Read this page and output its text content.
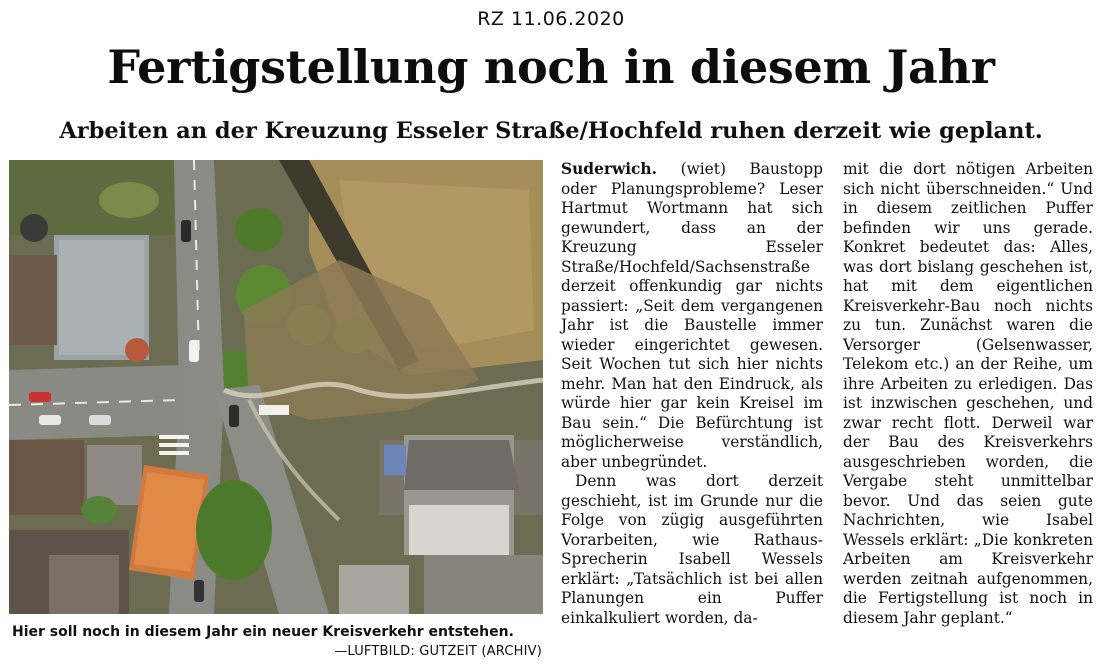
RZ 11.06.2020
Fertigstellung noch in diesem Jahr
Arbeiten an der Kreuzung Esseler Straße/Hochfeld ruhen derzeit wie geplant.
Hier soll noch in diesem Jahr ein neuer Kreisverkehr entstehen.
—LUFTBILD: GUTZEIT (ARCHIV)

Suderwich. (wiet) Baustopp oder Planungsprobleme? Leser Hartmut Wortmann hat sich gewundert, dass an der Kreuzung Esseler Straße/Hochfeld/Sachsenstraße derzeit offenkundig gar nichts passiert: „Seit dem vergangenen Jahr ist die Baustelle immer wieder eingerichtet gewesen. Seit Wochen tut sich hier nichts mehr. Man hat den Eindruck, als würde hier gar kein Kreisel im Bau sein.“ Die Befürchtung ist möglicherweise verständlich, aber unbegründet.

Denn was dort derzeit geschieht, ist im Grunde nur die Folge von zügig ausgeführten Vorarbeiten, wie Rathaus-Sprecherin Isabell Wessels erklärt: „Tatsächlich ist bei allen Planungen ein Puffer einkalkuliert worden, da-

mit die dort nötigen Arbeiten sich nicht überschneiden.“ Und in diesem zeitlichen Puffer befinden wir uns gerade. Konkret bedeutet das: Alles, was dort bislang geschehen ist, hat mit dem eigentlichen Kreisverkehr-Bau noch nichts zu tun. Zunächst waren die Versorger (Gelsenwasser, Telekom etc.) an der Reihe, um ihre Arbeiten zu erledigen. Das ist inzwischen geschehen, und zwar recht flott. Derweil war der Bau des Kreisverkehrs ausgeschrieben worden, die Vergabe steht unmittelbar bevor. Und das seien gute Nachrichten, wie Isabel Wessels erklärt: „Die konkreten Arbeiten am Kreisverkehr werden zeitnah aufgenommen, die Fertigstellung ist noch in diesem Jahr geplant.“
